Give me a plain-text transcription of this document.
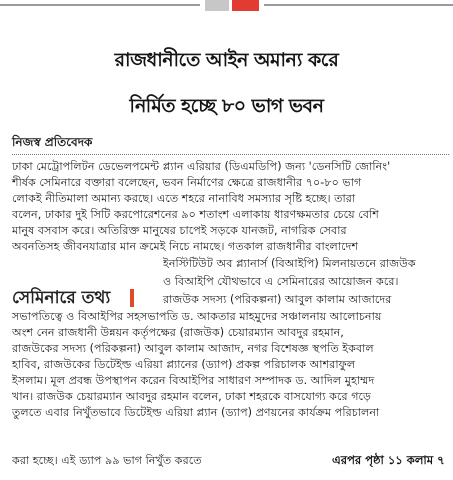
রাজধানীতে আইন অমান্য করে
নির্মিত হচ্ছে ৮০ ভাগ ভবন
নিজস্ব প্রতিবেদক
ঢাকা মেট্রোপলিটন ডেভেলপমেন্ট প্ল্যান এরিয়ার (ডিএমডিপি) জন্য 'ডেনসিটি জোনিং'
শীর্ষক সেমিনারে বক্তারা বলেছেন, ভবন নির্মাণের ক্ষেত্রে রাজধানীর ৭০-৮০ ভাগ
লোকই নীতিমালা অমান্য করছে। এতে শহরে নানাবিধ সমস্যার সৃষ্টি হচ্ছে। তারা
বলেন, ঢাকার দুই সিটি করপোরেশনের ৯০ শতাংশ এলাকায় ধারণক্ষমতার চেয়ে বেশি
মানুষ বসবাস করে। অতিরিক্ত মানুষের চাপেই সড়কে যানজট, নাগরিক সেবার
অবনতিসহ জীবনযাত্রার মান ক্রমেই নিচে নামছে। গতকাল রাজধানীর বাংলাদেশ
সেমিনারে তথ্য
ইনস্টিটিউট অব প্ল্যানার্স (বিআইপি) মিলনায়তনে রাজউক
ও বিআইপি যৌথভাবে এ সেমিনারের আয়োজন করে।
রাজউক সদস্য (পরিকল্পনা) আবুল কালাম আজাদের
সভাপতিত্বে ও বিআইপির সহসভাপতি ড. আকতার মাহমুদের সঞ্চালনায় আলোচনায়
অংশ নেন রাজধানী উন্নয়ন কর্তৃপক্ষের (রাজউক) চেয়ারম্যান আবদুর রহমান,
রাজউকের সদস্য (পরিকল্পনা) আবুল কালাম আজাদ, নগর বিশেষজ্ঞ স্থপতি ইকবাল
হাবিব, রাজউকের ডিটেইল্ড এরিয়া প্ল্যানের (ড্যাপ) প্রকল্প পরিচালক আশরাফুল
ইসলাম। মূল প্রবন্ধ উপস্থাপন করেন বিআইপির সাধারণ সম্পাদক ড. আদিল মুহাম্মদ
খান। রাজউক চেয়ারম্যান আবদুর রহমান বলেন, ঢাকা শহরকে বাসযোগ্য করে গড়ে
তুলতে এবার নিখুঁতভাবে ডিটেইল্ড এরিয়া প্ল্যান (ড্যাপ) প্রণয়নের কার্যক্রম পরিচালনা
করা হচ্ছে। এই ড্যাপ ৯৯ ভাগ নিখুঁত করতে	এরপর পৃষ্ঠা ১১ কলাম ৭
